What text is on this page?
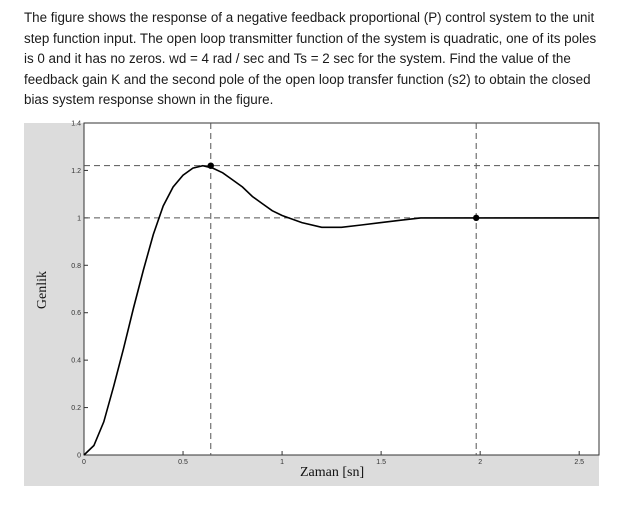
The figure shows the response of a negative feedback proportional (P) control system to the unit step function input. The open loop transmitter function of the system is quadratic, one of its poles is 0 and it has no zeros. wd = 4 rad / sec and Ts = 2 sec for the system. Find the value of the feedback gain K and the second pole of the open loop transfer function (s2) to obtain the closed bias system response shown in the figure.

0
0.2
0.4
0.6
0.8
1
1.2
1.4
0	0.5	1	1.5	2	2.5
Zaman [sn]
Genlik
